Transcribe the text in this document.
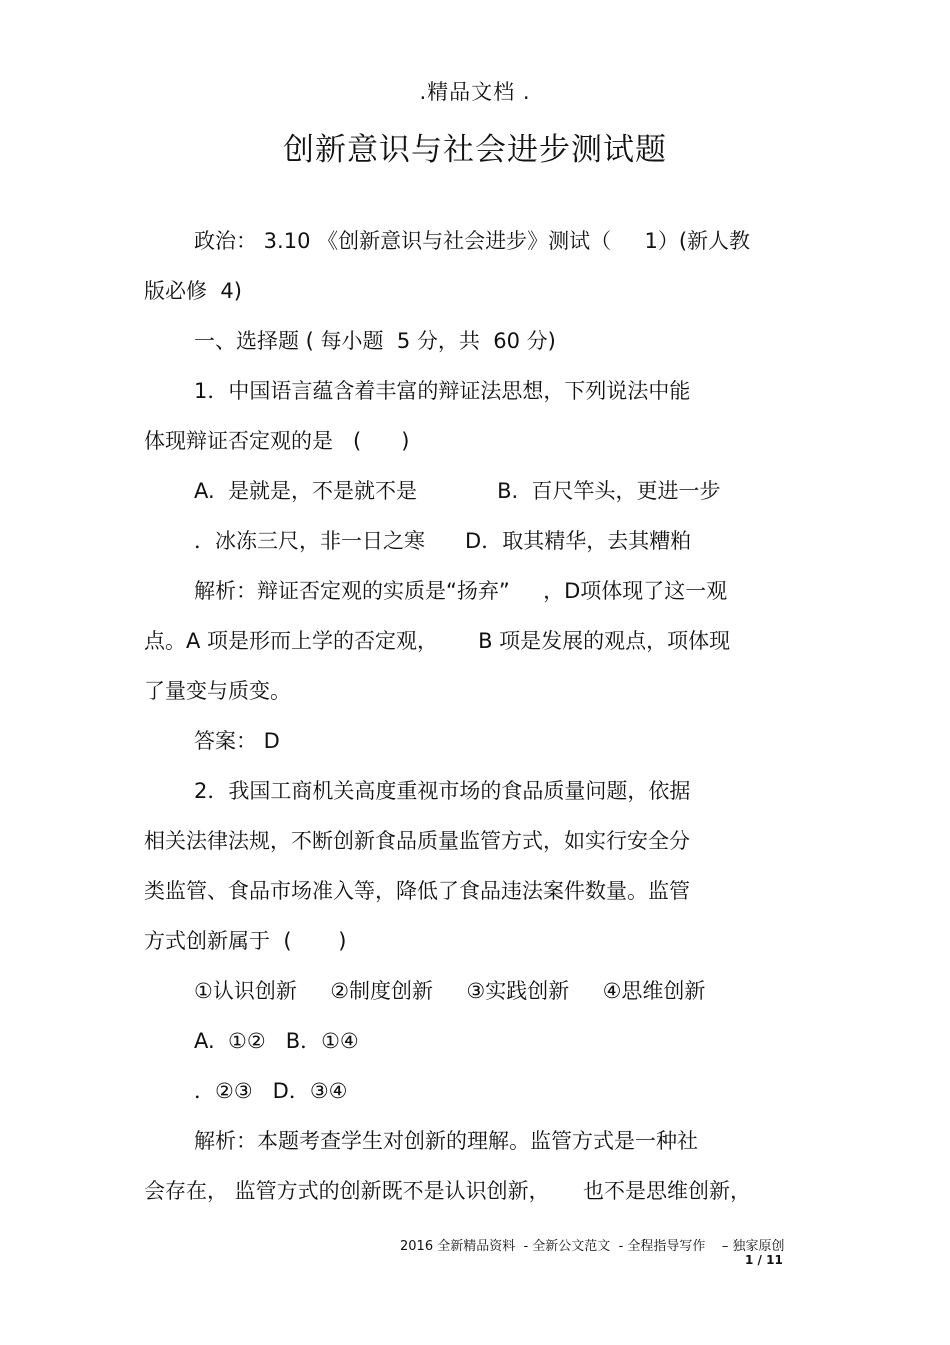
.精品文档 .
创新意识与社会进步测试题
政治： 3.10 《创新意识与社会进步》测试（     1）(新人教
版必修  4)
一、选择题 ( 每小题  5 分，共  60 分)
1．中国语言蕴含着丰富的辩证法思想，下列说法中能
体现辩证否定观的是   (      )
A.  是就是，不是就不是            B.  百尺竿头，更进一步
．冰冻三尺，非一日之寒      D．取其精华，去其糟粕
解析：辩证否定观的实质是“扬弃”     ，D项体现了这一观
点。A 项是形而上学的否定观，      B 项是发展的观点，项体现
了量变与质变。
答案： D
2．我国工商机关高度重视市场的食品质量问题，依据
相关法律法规，不断创新食品质量监管方式，如实行安全分
类监管、食品市场准入等，降低了食品违法案件数量。监管
方式创新属于  (       )
①认识创新     ②制度创新     ③实践创新     ④思维创新
A.  ①②   B．①④
．②③   D．③④
解析：本题考查学生对创新的理解。监管方式是一种社
会存在， 监管方式的创新既不是认识创新，     也不是思维创新，
2016 全新精品资料  - 全新公文范文  - 全程指导写作    – 独家原创
1 / 11
